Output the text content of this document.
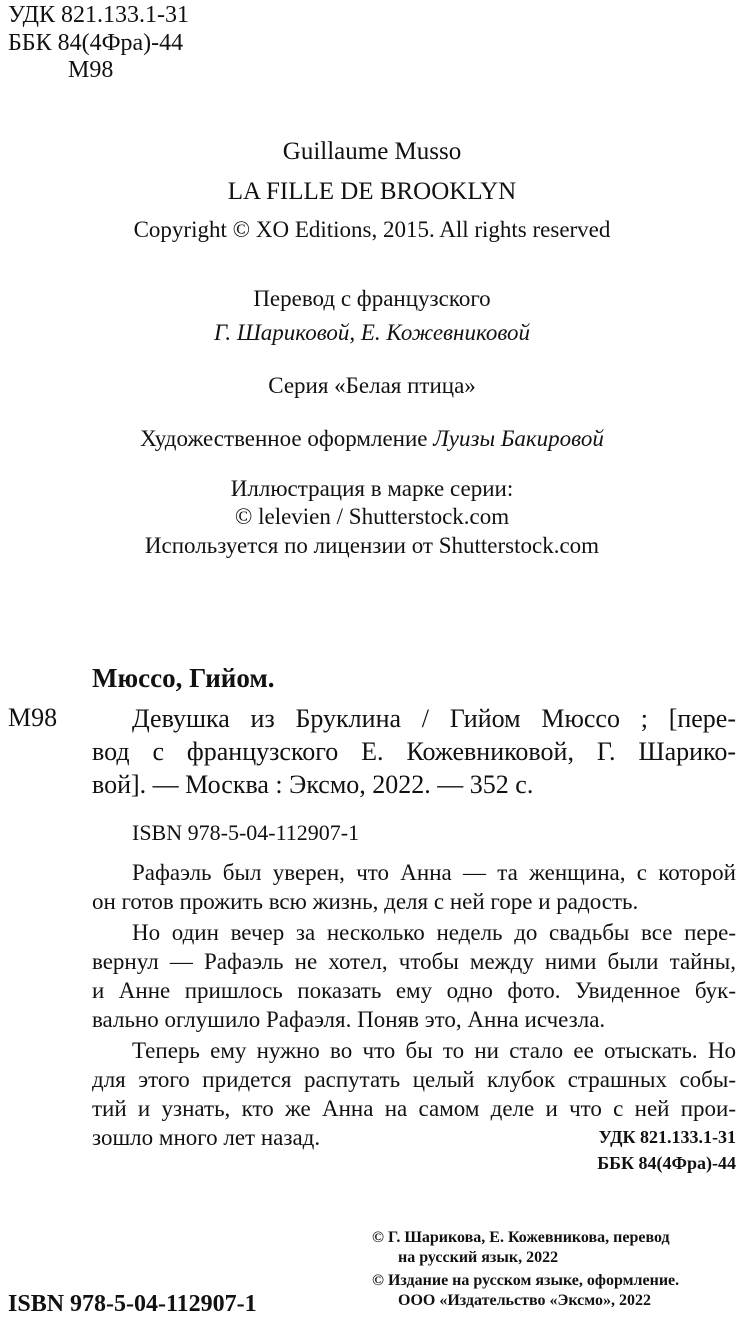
УДК 821.133.1-31
ББК 84(4Фра)-44
М98
Guillaume Musso
LA FILLE DE BROOKLYN
Copyright © XO Editions, 2015. All rights reserved
Перевод с французского
Г. Шариковой, Е. Кожевниковой
Серия «Белая птица»
Художественное оформление Луизы Бакировой
Иллюстрация в марке серии:
© lelevien / Shutterstock.com
Используется по лицензии от Shutterstock.com
Мюссо, Гийом.
М98	Девушка из Бруклина / Гийом Мюссо ; [пере-
вод с французского Е. Кожевниковой, Г. Шарико-
вой]. — Москва : Эксмо, 2022. — 352 с.
ISBN 978-5-04-112907-1
Рафаэль был уверен, что Анна — та женщина, с которой
он готов прожить всю жизнь, деля с ней горе и радость.
Но один вечер за несколько недель до свадьбы все пере-
вернул — Рафаэль не хотел, чтобы между ними были тайны,
и Анне пришлось показать ему одно фото. Увиденное бук-
вально оглушило Рафаэля. Поняв это, Анна исчезла.
Теперь ему нужно во что бы то ни стало ее отыскать. Но
для этого придется распутать целый клубок страшных собы-
тий и узнать, кто же Анна на самом деле и что с ней прои-
зошло много лет назад.	УДК 821.133.1-31
ББК 84(4Фра)-44
ISBN 978-5-04-112907-1
© Г. Шарикова, Е. Кожевникова, перевод
на русский язык, 2022
© Издание на русском языке, оформление.
ООО «Издательство «Эксмо», 2022
